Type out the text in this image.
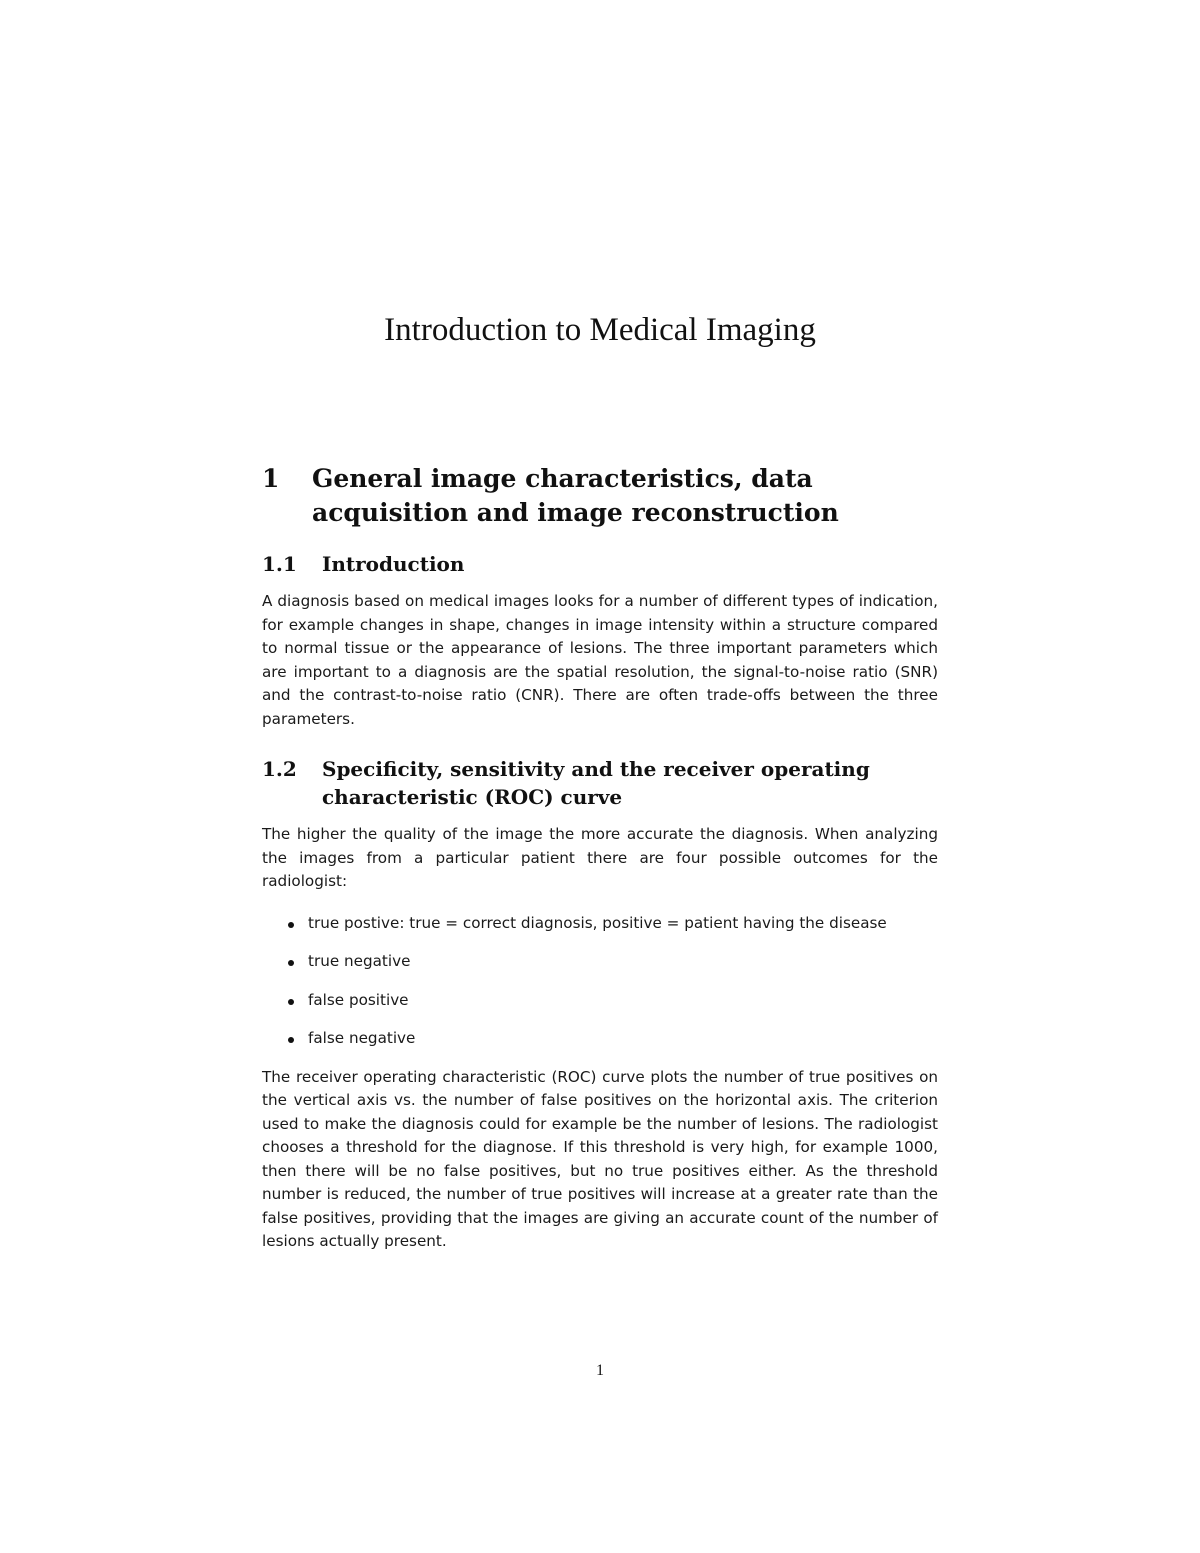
Introduction to Medical Imaging
1	General image characteristics, data acquisition and image reconstruction
1.1	Introduction

A diagnosis based on medical images looks for a number of different types of indication, for example changes in shape, changes in image intensity within a structure compared to normal tissue or the appearance of lesions. The three important parameters which are important to a diagnosis are the spatial resolution, the signal-to-noise ratio (SNR) and the contrast-to-noise ratio (CNR). There are often trade-offs between the three parameters.

1.2	Specificity, sensitivity and the receiver operating characteristic (ROC) curve

The higher the quality of the image the more accurate the diagnosis. When analyzing the images from a particular patient there are four possible outcomes for the radiologist:

true postive: true = correct diagnosis, positive = patient having the disease
true negative
false positive
false negative

The receiver operating characteristic (ROC) curve plots the number of true positives on the vertical axis vs. the number of false positives on the horizontal axis. The criterion used to make the diagnosis could for example be the number of lesions. The radiologist chooses a threshold for the diagnose. If this threshold is very high, for example 1000, then there will be no false positives, but no true positives either. As the threshold number is reduced, the number of true positives will increase at a greater rate than the false positives, providing that the images are giving an accurate count of the number of lesions actually present.

1
